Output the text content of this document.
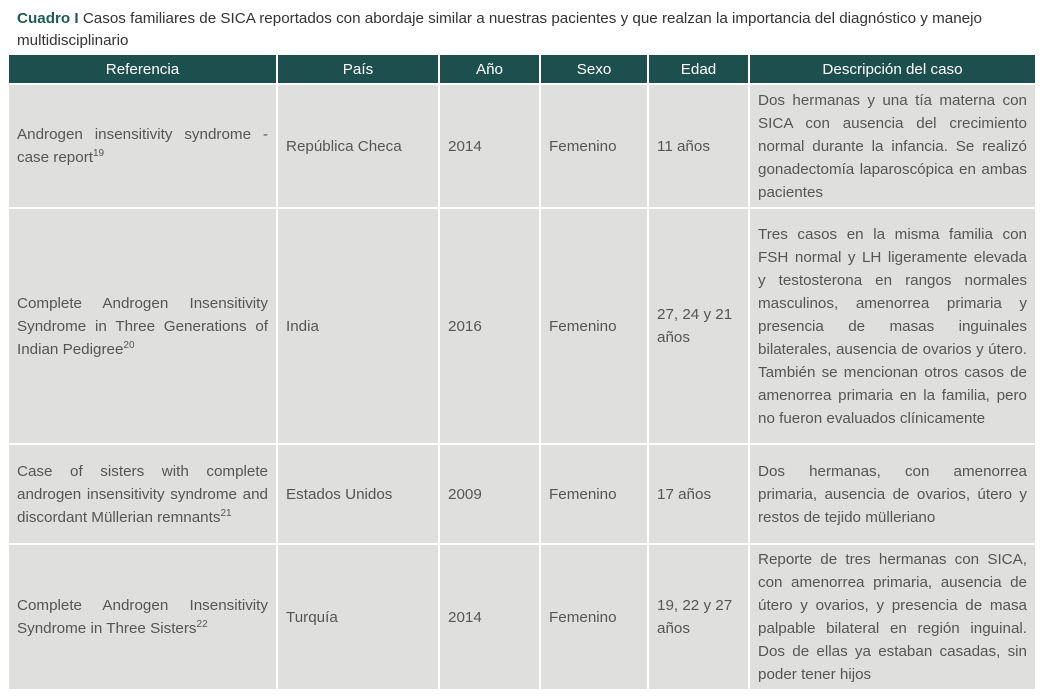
Cuadro I Casos familiares de SICA reportados con abordaje similar a nuestras pacientes y que realzan la importancia del diagnóstico y manejo multidisciplinario
Referencia	País	Año	Sexo	Edad	Descripción del caso
Androgen insensitivity syndrome - case report$^{19}$	República Checa	2014	Femenino	11 años	Dos hermanas y una tía materna con SICA con ausencia del crecimiento normal durante la infancia. Se realizó gonadectomía laparoscópica en ambas pacientes
Complete Androgen Insensitivity Syndrome in Three Generations of Indian Pedigree$^{20}$	India	2016	Femenino	27, 24 y 21 años	Tres casos en la misma familia con FSH normal y LH ligeramente elevada y testosterona en rangos normales masculinos, amenorrea primaria y presencia de masas inguinales bilaterales, ausencia de ovarios y útero. También se mencionan otros casos de amenorrea primaria en la familia, pero no fueron evaluados clínicamente
Case of sisters with complete androgen insensitivity syndrome and discordant Müllerian remnants$^{21}$	Estados Unidos	2009	Femenino	17 años	Dos hermanas, con amenorrea primaria, ausencia de ovarios, útero y restos de tejido mülleriano
Complete Androgen Insensitivity Syndrome in Three Sisters$^{22}$	Turquía	2014	Femenino	19, 22 y 27 años	Reporte de tres hermanas con SICA, con amenorrea primaria, ausencia de útero y ovarios, y presencia de masa palpable bilateral en región inguinal. Dos de ellas ya estaban casadas, sin poder tener hijos
